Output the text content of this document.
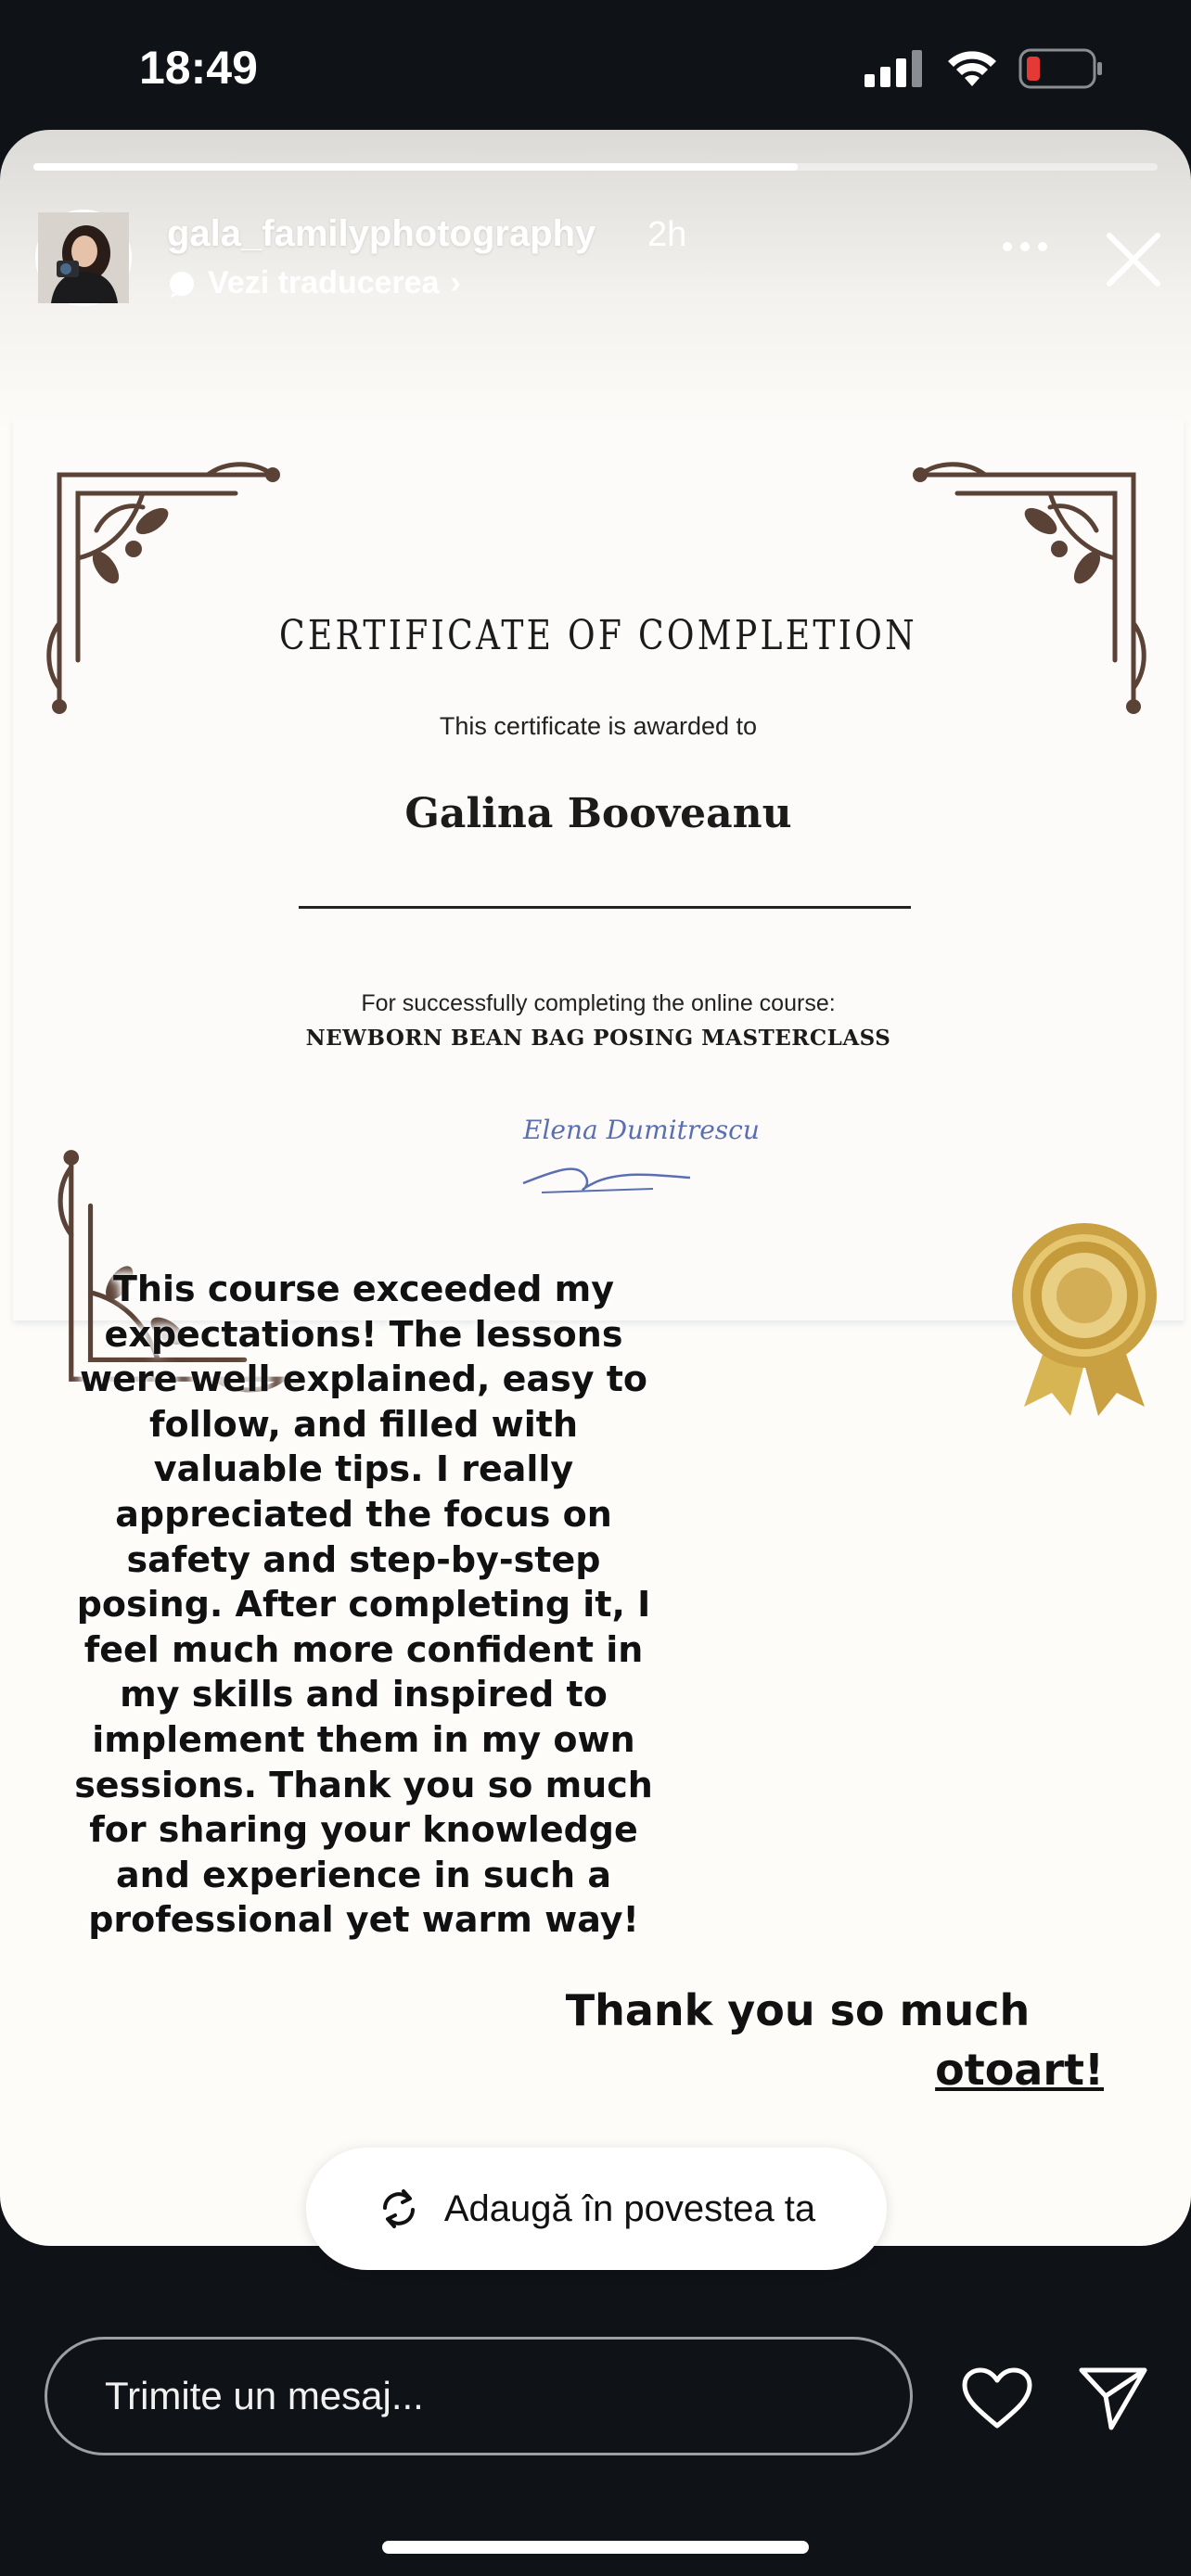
18:49
gala_familyphotography 2h
Vezi traducerea ›
CERTIFICATE OF COMPLETION
This certificate is awarded to
Galina Booveanu
For successfully completing the online course:
NEWBORN BEAN BAG POSING MASTERCLASS
Elena Dumitrescu
This course exceeded my
expectations! The lessons
were well explained, easy to
follow, and filled with
valuable tips. I really
appreciated the focus on
safety and step-by-step
posing. After completing it, I
feel much more confident in
my skills and inspired to
implement them in my own
sessions. Thank you so much
for sharing your knowledge
and experience in such a
professional yet warm way!
Thank you so much
otoart!
Adaugă în povestea ta
Trimite un mesaj...
